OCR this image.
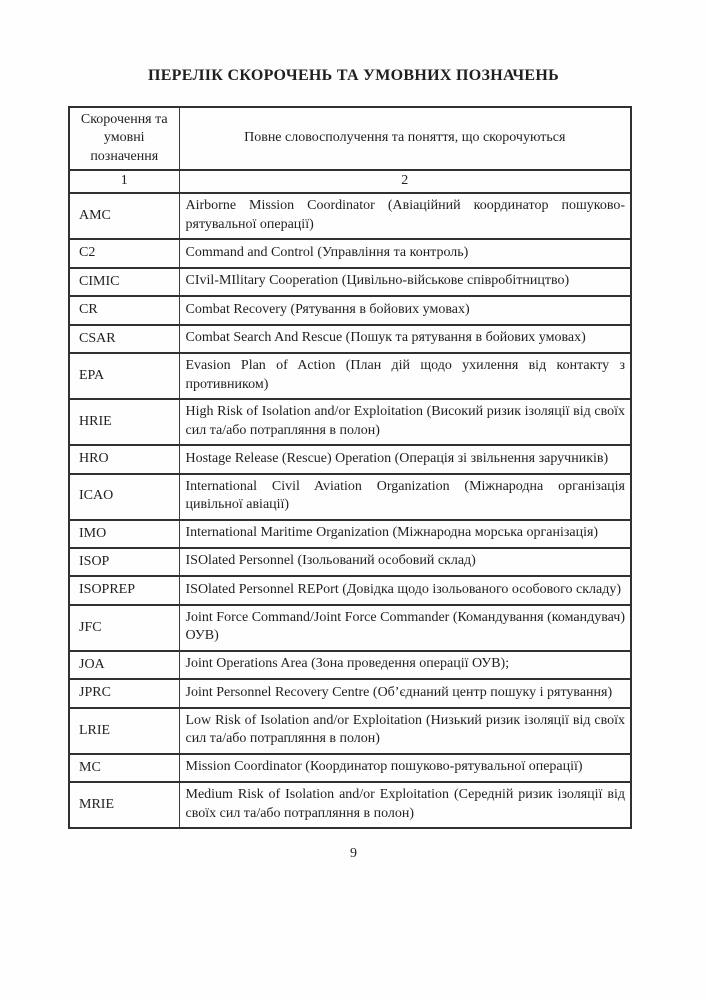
ПЕРЕЛІК СКОРОЧЕНЬ ТА УМОВНИХ ПОЗНАЧЕНЬ
Скорочення та умовні позначення	Повне словосполучення та поняття, що скорочуються
1	2
AMC	Airborne Mission Coordinator (Авіаційний координатор пошуково-рятувальної операції)
C2	Command and Control (Управління та контроль)
CIMIC	CIvil-MIlitary Cooperation (Цивільно-військове співробітництво)
CR	Combat Recovery (Рятування в бойових умовах)
CSAR	Combat Search And Rescue (Пошук та рятування в бойових умовах)
EPA	Evasion Plan of Action (План дій щодо ухилення від контакту з противником)
HRIE	High Risk of Isolation and/or Exploitation (Високий ризик ізоляції від своїх сил та/або потрапляння в полон)
HRO	Hostage Release (Rescue) Operation (Операція зі звільнення заручників)
ICAO	International Civil Aviation Organization (Міжнародна організація цивільної авіації)
IMO	International Maritime Organization (Міжнародна морська організація)
ISOP	ISOlated Personnel (Ізольований особовий склад)
ISOPREP	ISOlated Personnel REPort (Довідка щодо ізольованого особового складу)
JFC	Joint Force Command/Joint Force Commander (Командування (командувач) ОУВ)
JOA	Joint Operations Area (Зона проведення операції ОУВ);
JPRC	Joint Personnel Recovery Centre (Об’єднаний центр пошуку і рятування)
LRIE	Low Risk of Isolation and/or Exploitation (Низький ризик ізоляції від своїх сил та/або потрапляння в полон)
MC	Mission Coordinator (Координатор пошуково-рятувальної операції)
MRIE	Medium Risk of Isolation and/or Exploitation (Середній ризик ізоляції від своїх сил та/або потрапляння в полон)
9
